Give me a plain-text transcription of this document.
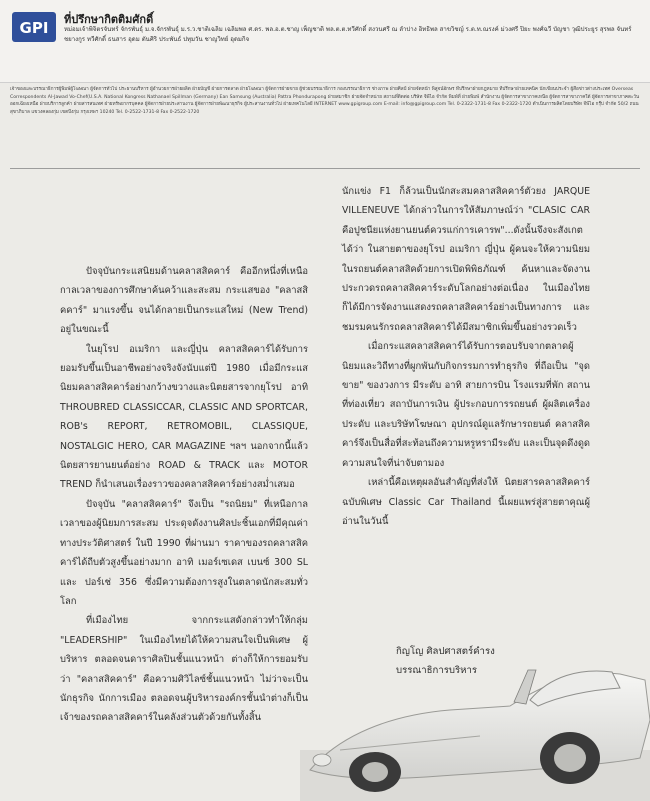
GPI ที่ปรึกษากิตติมศักดิ์
หม่อมเจ้าพิจิตรจันทร์ จักรพันธุ์ ม.จ.จักรพันธุ์ ม.ร.ว.ชาติเฉลิม เฉลิมพล ศ.ดร. พล.อ.ต.ชาญ เพ็ญชาติ พล.ต.ต.ทวีศักดิ์ สงวนศรี ณ ลำปาง อิทธิพล สาขวิชญ์ ร.ต.ท.ณรงค์ ม่วงศรี ปิยะ พงศ์ฉวี บัญชา วุฒิประยูร สุรพล จันทร์ชยางกูร ทวีศักดิ์ ธนสาร อุดม ตันศิริ ประพันธ์ ปทุมวัน ชาญวิทย์ อุดมกิจ
เจ้าของและบรรณาธิการผู้พิมพ์ผู้โฆษณา ผู้จัดการทั่วไป ประธานบริหาร ผู้อำนวยการฝ่ายผลิต ฝ่ายบัญชี ฝ่ายการตลาด ฝ่ายโฆษณา ผู้จัดการฝ่ายขาย ผู้ช่วยบรรณาธิการ กองบรรณาธิการ ช่างภาพ ฝ่ายศิลป์ ฝ่ายจัดหน้า พิสูจน์อักษร ที่ปรึกษาฝ่ายกฎหมาย ที่ปรึกษาฝ่ายเทคนิค นักเขียนประจำ ผู้สื่อข่าวต่างประเทศ Overseas Correspondents Al-Jawad Vo-Chef(U.S.A. National Kongress Nathanael Spillman (Germany) Ean Samsung (Australia) Pattra Phondurapong ฝ่ายสมาชิก ฝ่ายจัดจำหน่าย สถานที่ติดต่อ บริษัท จีพีไอ จำกัด พิมพ์ที่ ฝ่ายพิมพ์ สำนักงาน ผู้จัดการสาขาภาคเหนือ ผู้จัดการสาขาภาคใต้ ผู้จัดการสาขาภาคตะวันออกเฉียงเหนือ ฝ่ายบริการลูกค้า ฝ่ายสารสนเทศ ฝ่ายทรัพยากรบุคคล ผู้จัดการฝ่ายประสานงาน ผู้จัดการฝ่ายพัฒนาธุรกิจ ผู้ประสานงานทั่วไป ฝ่ายเทคโนโลยี INTERNET www.gpigroup.com E-mail: info@gpigroup.com Tel. 0-2322-1731-8 Fax 0-2322-1720 ดำเนินการผลิตโดยบริษัท จีพีไอ กรุ๊ป จำกัด 50/2 ถนนสุขาภิบาล แขวงคลองกุ่ม เขตบึงกุ่ม กรุงเทพฯ 10240 Tel. 0-2522-1731-8 Fax 0-2522-1720

นักแข่ง F1 ก็ล้วนเป็นนักสะสมคลาสสิคคาร์ตัวยง JARQUE VILLENEUVE ได้กล่าวในการให้สัมภาษณ์ว่า "CLASIC CAR คือปูชนียแห่งยานยนต์ควรแก่การเคารพ"...ดังนั้นจึงจะสังเกตได้ว่า ในสายตาของยุโรป อเมริกา ญี่ปุ่น ผู้คนจะให้ความนิยมในรถยนต์คลาสสิคด้วยการเปิดพิพิธภัณฑ์ ค้นหาและจัดงานประกวดรถคลาสสิคคาร์ระดับโลกอย่างต่อเนื่อง ในเมืองไทยก็ได้มีการจัดงานแสดงรถคลาสสิคคาร์อย่างเป็นทางการ และชมรมคนรักรถคลาสสิคคาร์ได้มีสมาชิกเพิ่มขึ้นอย่างรวดเร็ว

เมื่อกระแสคลาสสิคคาร์ได้รับการตอบรับจากตลาดผู้นิยมและวิถีทางที่ผูกพันกับกิจกรรมการทำธุรกิจ ที่ถือเป็น "จุดขาย" ของวงการ มีระดับ อาทิ สายการบิน โรงแรมที่พัก สถานที่ท่องเที่ยว สถาบันการเงิน ผู้ประกอบการรถยนต์ ผู้ผลิตเครื่องประดับ และบริษัทโฆษณา อุปกรณ์ดูแลรักษารถยนต์ คลาสสิคคาร์จึงเป็นสื่อที่สะท้อนถึงความหรูหรามีระดับ และเป็นจุดดึงดูดความสนใจที่น่าจับตามอง

เหล่านี้คือเหตุผลอันสำคัญที่ส่งให้ นิตยสารคลาสสิคคาร์ ฉบับพิเศษ Classic Car Thailand นี้เผยแพร่สู่สายตาคุณผู้อ่านในวันนี้

ปัจจุบันกระแสนิยมด้านคลาสสิคคาร์ คืออีกหนึ่งที่เหนือกาลเวลาของการศึกษาค้นคว้าและสะสม กระแสของ "คลาสสิคคาร์" มาแรงขึ้น จนได้กลายเป็นกระแสใหม่ (New Trend) อยู่ในขณะนี้

ในยุโรป อเมริกา และญี่ปุ่น คลาสสิคคาร์ได้รับการยอมรับขึ้นเป็นอาชีพอย่างจริงจังนับแต่ปี 1980 เมื่อมีกระแสนิยมคลาสสิคคาร์อย่างกว้างขวางและนิตยสารจากยุโรป อาทิ THROUBRED CLASSICCAR, CLASSIC AND SPORTCAR, ROB's REPORT, RETROMOBIL, CLASSIQUE, NOSTALGIC HERO, CAR MAGAZINE ฯลฯ นอกจากนี้แล้วนิตยสารยานยนต์อย่าง ROAD & TRACK และ MOTOR TREND ก็นำเสนอเรื่องราวของคลาสสิคคาร์อย่างสม่ำเสมอ

ปัจจุบัน "คลาสสิคคาร์" จึงเป็น "รถนิยม" ที่เหนือกาลเวลาของผู้นิยมการสะสม ประดุจดังงานศิลปะชิ้นเอกที่มีคุณค่าทางประวัติศาสตร์ ในปี 1990 ที่ผ่านมา ราคาของรถคลาสสิคคาร์ได้ถีบตัวสูงขึ้นอย่างมาก อาทิ เมอร์เซเดส เบนซ์ 300 SL และ ปอร์เช่ 356 ซึ่งมีความต้องการสูงในตลาดนักสะสมทั่วโลก

ที่เมืองไทย จากกระแสดังกล่าวทำให้กลุ่ม "LEADERSHIP" ในเมืองไทยได้ให้ความสนใจเป็นพิเศษ ผู้บริหาร ตลอดจนดาราศิลปินชั้นแนวหน้า ต่างก็ให้การยอมรับว่า "คลาสสิคคาร์" คือความศิวิไลซ์ชั้นแนวหน้า ไม่ว่าจะเป็นนักธุรกิจ นักการเมือง ตลอดจนผู้บริหารองค์กรชั้นนำต่างก็เป็นเจ้าของรถคลาสสิคคาร์ในคลังส่วนตัวด้วยกันทั้งสิ้น

กิญโญ ศิลปศาสตร์คำรง
บรรณาธิการบริหาร
